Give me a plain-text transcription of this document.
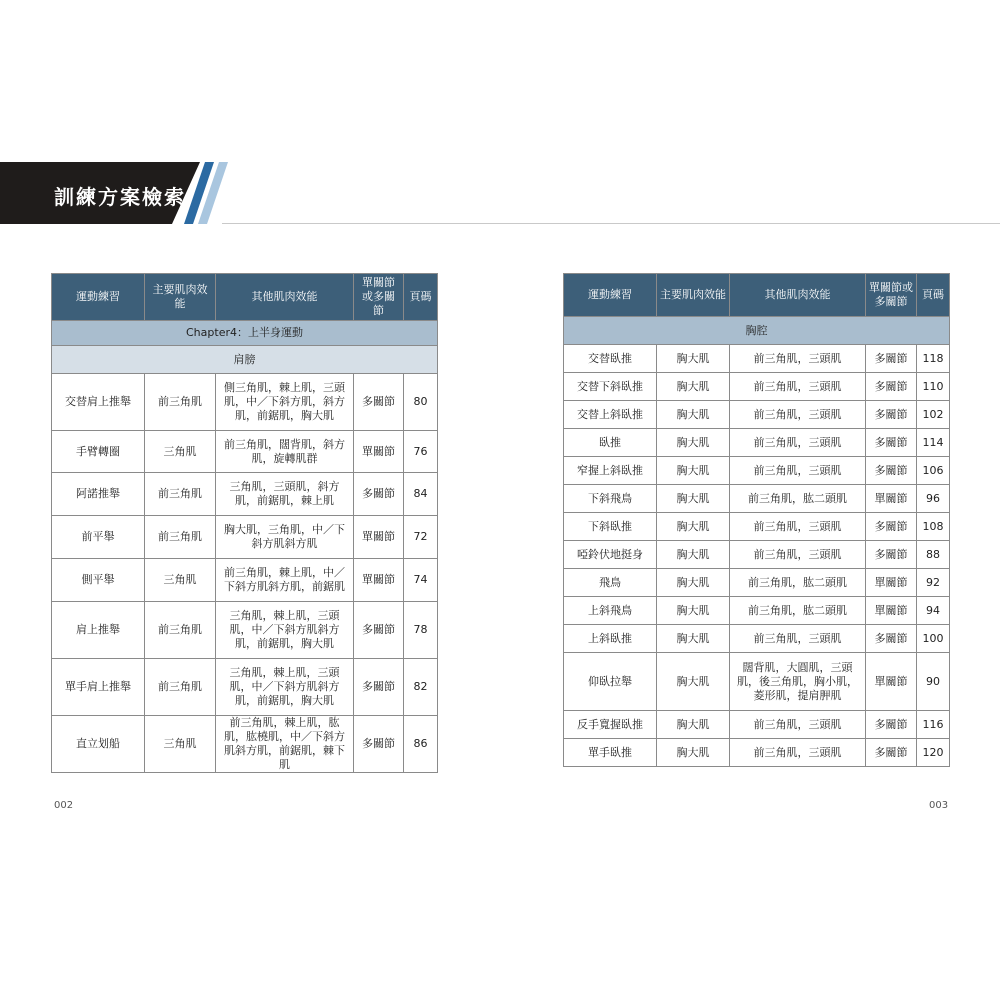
訓練方案檢索
運動練習	主要肌肉效能	其他肌肉效能	單關節或多關節	頁碼
Chapter4：上半身運動				
肩膀				
交替肩上推舉	前三角肌	側三角肌，棘上肌，三頭肌，中／下斜方肌，斜方肌，前鋸肌，胸大肌	多關節	80
手臂轉圈	三角肌	前三角肌，闊背肌，斜方肌，旋轉肌群	單關節	76
阿諾推舉	前三角肌	三角肌，三頭肌，斜方肌，前鋸肌，棘上肌	多關節	84
前平舉	前三角肌	胸大肌，三角肌，中／下斜方肌斜方肌	單關節	72
側平舉	三角肌	前三角肌，棘上肌，中／下斜方肌斜方肌，前鋸肌	單關節	74
肩上推舉	前三角肌	三角肌，棘上肌，三頭肌，中／下斜方肌斜方肌，前鋸肌，胸大肌	多關節	78
單手肩上推舉	前三角肌	三角肌，棘上肌，三頭肌，中／下斜方肌斜方肌，前鋸肌，胸大肌	多關節	82
直立划船	三角肌	前三角肌，棘上肌，肱肌，肱橈肌，中／下斜方肌斜方肌，前鋸肌，棘下肌	多關節	86
運動練習	主要肌肉效能	其他肌肉效能	單關節或多關節	頁碼
胸腔				
交替臥推	胸大肌	前三角肌，三頭肌	多關節	118
交替下斜臥推	胸大肌	前三角肌，三頭肌	多關節	110
交替上斜臥推	胸大肌	前三角肌，三頭肌	多關節	102
臥推	胸大肌	前三角肌，三頭肌	多關節	114
窄握上斜臥推	胸大肌	前三角肌，三頭肌	多關節	106
下斜飛鳥	胸大肌	前三角肌，肱二頭肌	單關節	96
下斜臥推	胸大肌	前三角肌，三頭肌	多關節	108
啞鈴伏地挺身	胸大肌	前三角肌，三頭肌	多關節	88
飛鳥	胸大肌	前三角肌，肱二頭肌	單關節	92
上斜飛鳥	胸大肌	前三角肌，肱二頭肌	單關節	94
上斜臥推	胸大肌	前三角肌，三頭肌	多關節	100
仰臥拉舉	胸大肌	闊背肌，大圓肌，三頭肌，後三角肌，胸小肌，菱形肌，提肩胛肌	單關節	90
反手寬握臥推	胸大肌	前三角肌，三頭肌	多關節	116
單手臥推	胸大肌	前三角肌，三頭肌	多關節	120
002	003
